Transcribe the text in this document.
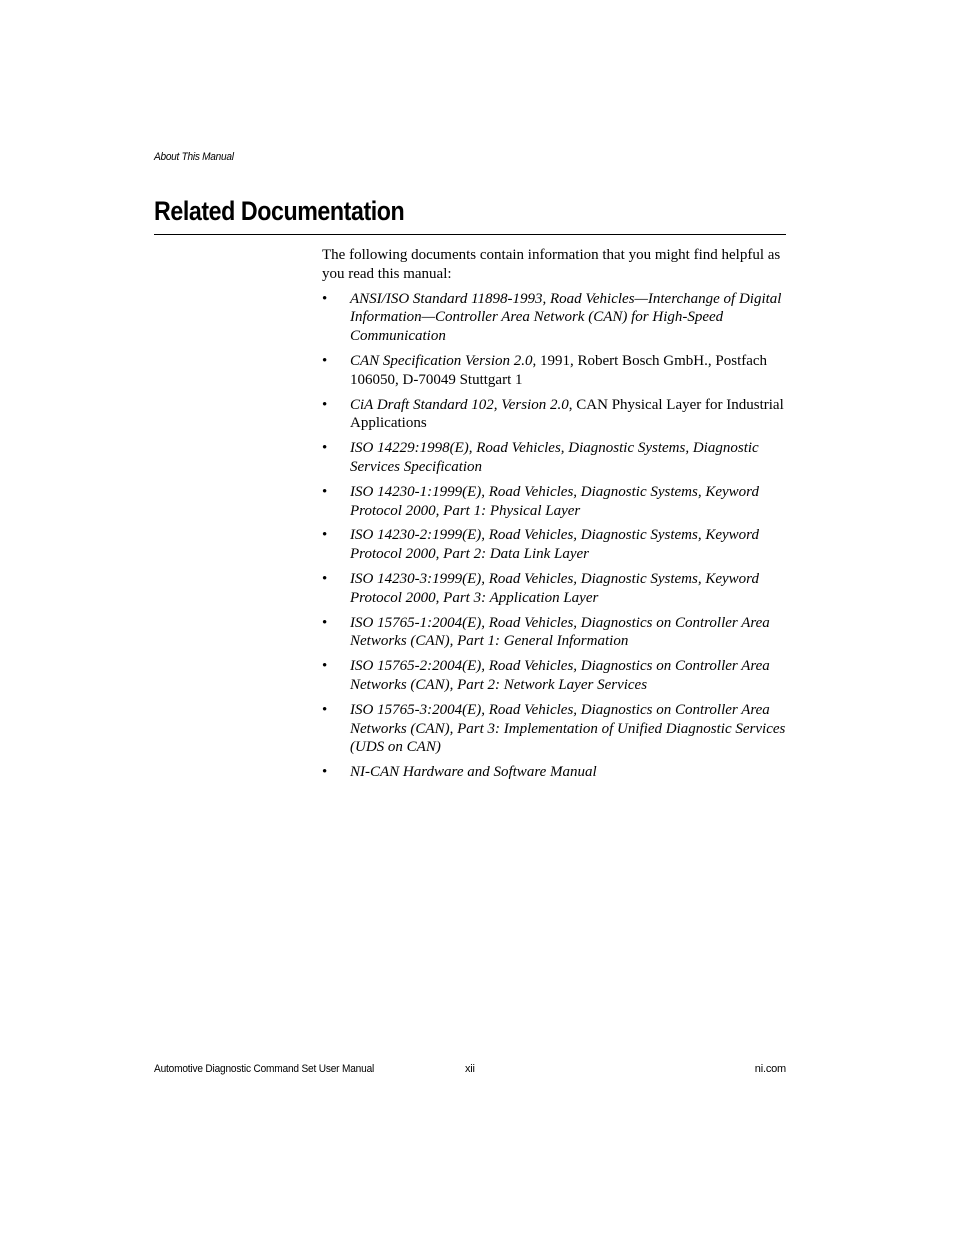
About This Manual
Related Documentation

The following documents contain information that you might find helpful as you read this manual:

• ANSI/ISO Standard 11898-1993, Road Vehicles—Interchange of Digital Information—Controller Area Network (CAN) for High-Speed Communication
• CAN Specification Version 2.0, 1991, Robert Bosch GmbH., Postfach 106050, D-70049 Stuttgart 1
• CiA Draft Standard 102, Version 2.0, CAN Physical Layer for Industrial Applications
• ISO 14229:1998(E), Road Vehicles, Diagnostic Systems, Diagnostic Services Specification
• ISO 14230-1:1999(E), Road Vehicles, Diagnostic Systems, Keyword Protocol 2000, Part 1: Physical Layer
• ISO 14230-2:1999(E), Road Vehicles, Diagnostic Systems, Keyword Protocol 2000, Part 2: Data Link Layer
• ISO 14230-3:1999(E), Road Vehicles, Diagnostic Systems, Keyword Protocol 2000, Part 3: Application Layer
• ISO 15765-1:2004(E), Road Vehicles, Diagnostics on Controller Area Networks (CAN), Part 1: General Information
• ISO 15765-2:2004(E), Road Vehicles, Diagnostics on Controller Area Networks (CAN), Part 2: Network Layer Services
• ISO 15765-3:2004(E), Road Vehicles, Diagnostics on Controller Area Networks (CAN), Part 3: Implementation of Unified Diagnostic Services (UDS on CAN)
• NI-CAN Hardware and Software Manual
Automotive Diagnostic Command Set User Manual	xii	ni.com
